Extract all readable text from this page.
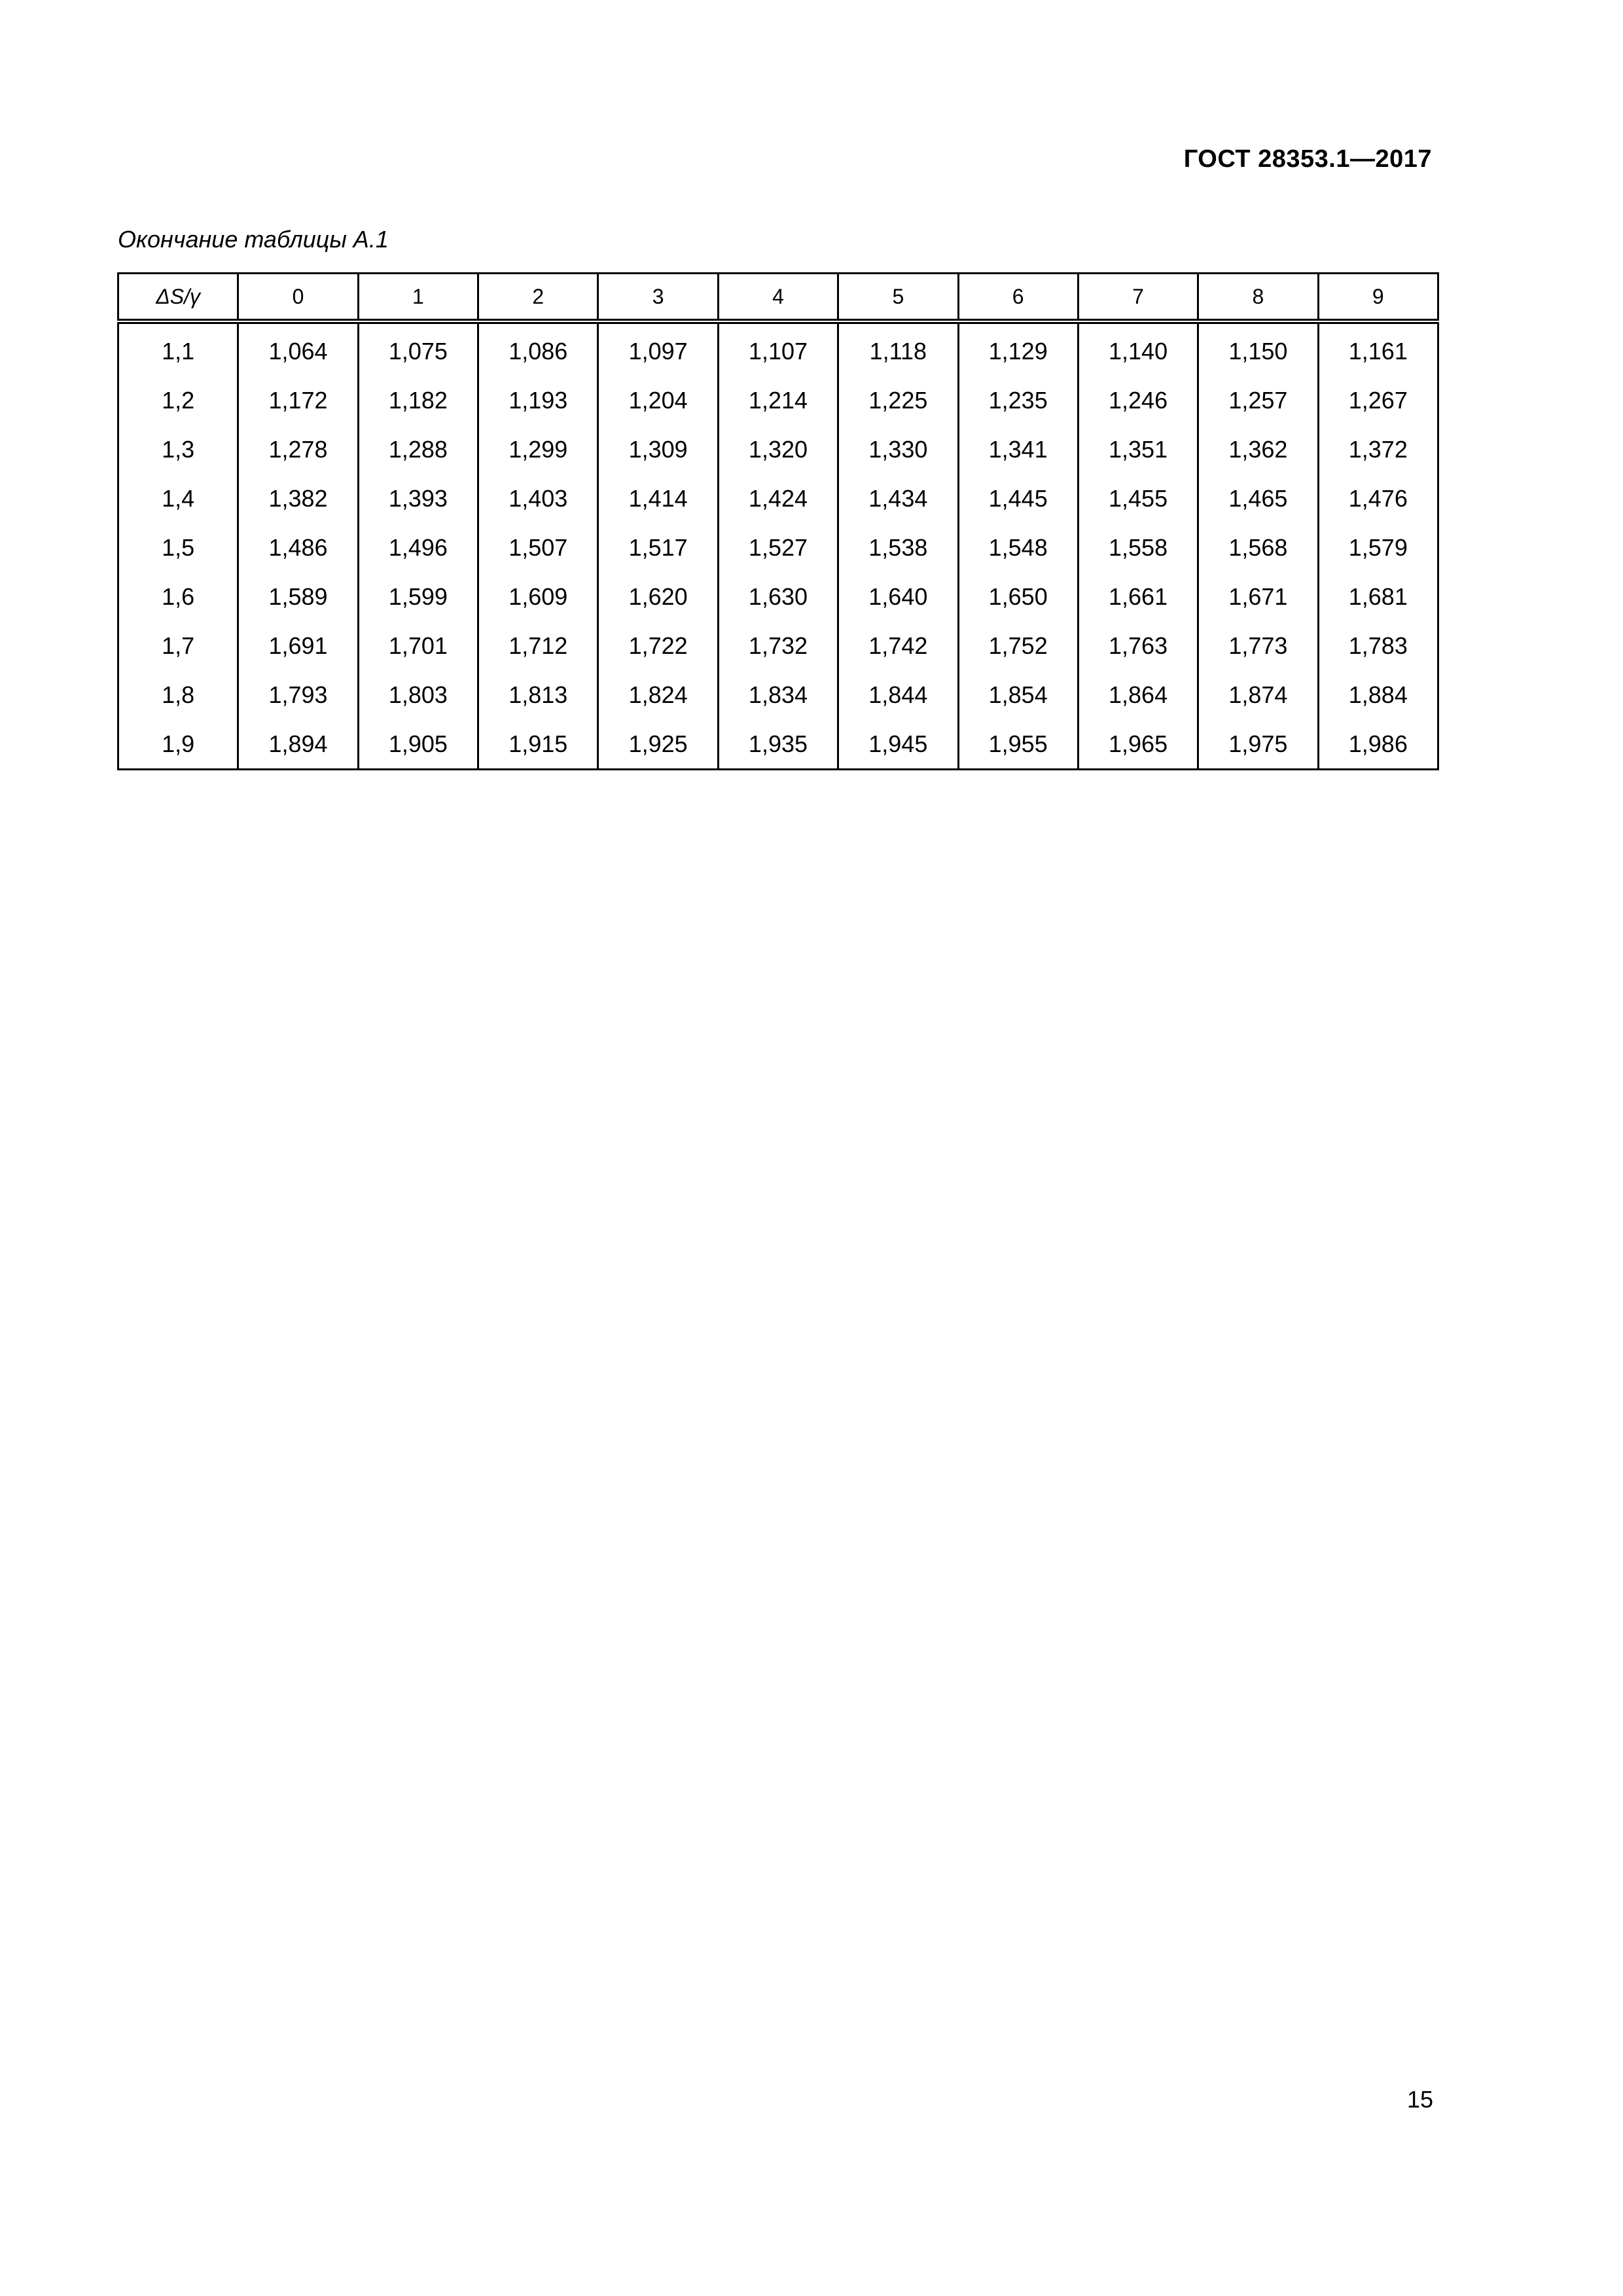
ГОСТ 28353.1—2017
Окончание таблицы А.1
ΔS/γ	0	1	2	3	4	5	6	7	8	9
1,1	1,064	1,075	1,086	1,097	1,107	1,118	1,129	1,140	1,150	1,161
1,2	1,172	1,182	1,193	1,204	1,214	1,225	1,235	1,246	1,257	1,267
1,3	1,278	1,288	1,299	1,309	1,320	1,330	1,341	1,351	1,362	1,372
1,4	1,382	1,393	1,403	1,414	1,424	1,434	1,445	1,455	1,465	1,476
1,5	1,486	1,496	1,507	1,517	1,527	1,538	1,548	1,558	1,568	1,579
1,6	1,589	1,599	1,609	1,620	1,630	1,640	1,650	1,661	1,671	1,681
1,7	1,691	1,701	1,712	1,722	1,732	1,742	1,752	1,763	1,773	1,783
1,8	1,793	1,803	1,813	1,824	1,834	1,844	1,854	1,864	1,874	1,884
1,9	1,894	1,905	1,915	1,925	1,935	1,945	1,955	1,965	1,975	1,986
15
